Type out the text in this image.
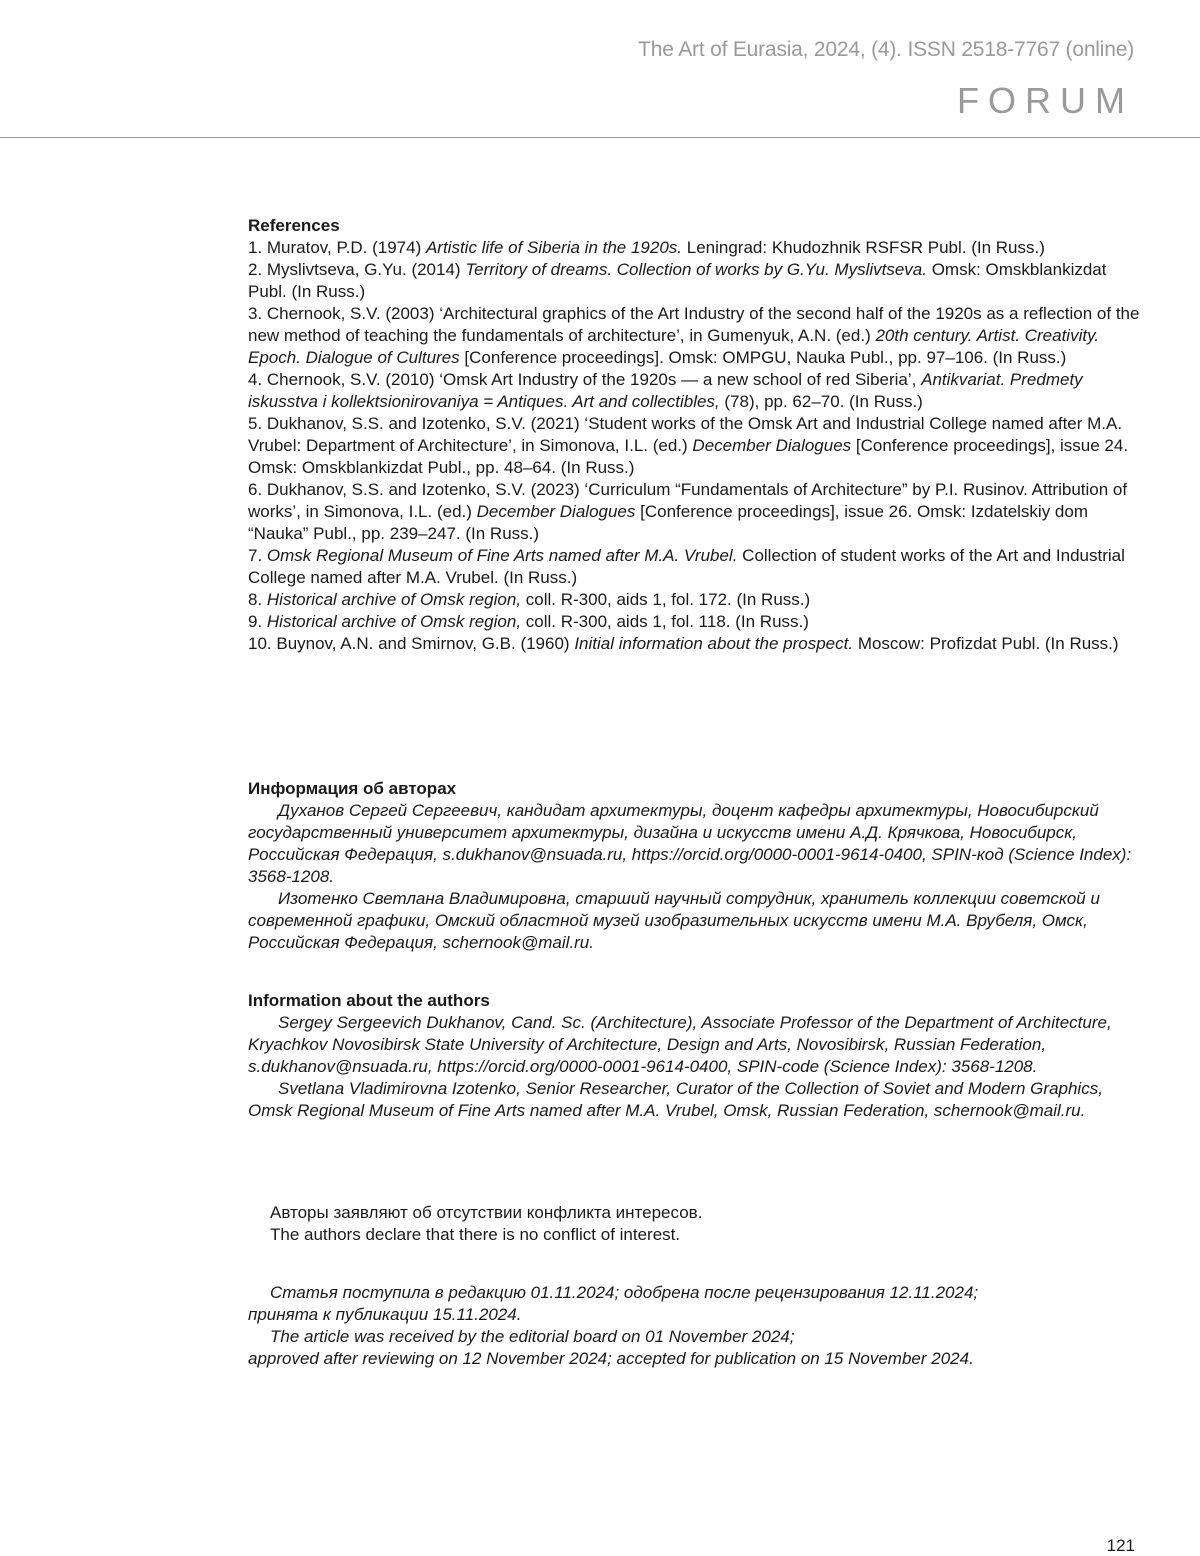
The Art of Eurasia, 2024, (4). ISSN 2518-7767 (online)
FORUM
References
1. Muratov, P.D. (1974) Artistic life of Siberia in the 1920s. Leningrad: Khudozhnik RSFSR Publ. (In Russ.)
2. Myslivtseva, G.Yu. (2014) Territory of dreams. Collection of works by G.Yu. Myslivtseva. Omsk: Omskblankizdat Publ. (In Russ.)
3. Chernook, S.V. (2003) ‘Architectural graphics of the Art Industry of the second half of the 1920s as a reflection of the new method of teaching the fundamentals of architecture’, in Gumenyuk, A.N. (ed.) 20th century. Artist. Creativity. Epoch. Dialogue of Cultures [Conference proceedings]. Omsk: OMPGU, Nauka Publ., pp. 97–106. (In Russ.)
4. Chernook, S.V. (2010) ‘Omsk Art Industry of the 1920s — a new school of red Siberia’, Antikvariat. Predmety iskusstva i kollektsionirovaniya = Antiques. Art and collectibles, (78), pp. 62–70. (In Russ.)
5. Dukhanov, S.S. and Izotenko, S.V. (2021) ‘Student works of the Omsk Art and Industrial College named after M.A. Vrubel: Department of Architecture’, in Simonova, I.L. (ed.) December Dialogues [Conference proceedings], issue 24. Omsk: Omskblankizdat Publ., pp. 48–64. (In Russ.)
6. Dukhanov, S.S. and Izotenko, S.V. (2023) ‘Curriculum “Fundamentals of Architecture” by P.I. Rusinov. Attribution of works’, in Simonova, I.L. (ed.) December Dialogues [Conference proceedings], issue 26. Omsk: Izdatelskiy dom “Nauka” Publ., pp. 239–247. (In Russ.)
7. Omsk Regional Museum of Fine Arts named after M.A. Vrubel. Collection of student works of the Art and Industrial College named after M.A. Vrubel. (In Russ.)
8. Historical archive of Omsk region, coll. R-300, aids 1, fol. 172. (In Russ.)
9. Historical archive of Omsk region, coll. R-300, aids 1, fol. 118. (In Russ.)
10. Buynov, A.N. and Smirnov, G.B. (1960) Initial information about the prospect. Moscow: Profizdat Publ. (In Russ.)
Информация об авторах
Духанов Сергей Сергеевич, кандидат архитектуры, доцент кафедры архитектуры, Новосибирский государственный университет архитектуры, дизайна и искусств имени А.Д. Крячкова, Новосибирск, Российская Федерация, s.dukhanov@nsuada.ru, https://orcid.org/0000-0001-9614-0400, SPIN-код (Science Index): 3568-1208.
Изотенко Светлана Владимировна, старший научный сотрудник, хранитель коллекции советской и современной графики, Омский областной музей изобразительных искусств имени М.А. Врубеля, Омск, Российская Федерация, schernook@mail.ru.
Information about the authors
Sergey Sergeevich Dukhanov, Cand. Sc. (Architecture), Associate Professor of the Department of Architecture, Kryachkov Novosibirsk State University of Architecture, Design and Arts, Novosibirsk, Russian Federation, s.dukhanov@nsuada.ru, https://orcid.org/0000-0001-9614-0400, SPIN-code (Science Index): 3568-1208.
Svetlana Vladimirovna Izotenko, Senior Researcher, Curator of the Collection of Soviet and Modern Graphics, Omsk Regional Museum of Fine Arts named after M.A. Vrubel, Omsk, Russian Federation, schernook@mail.ru.
Авторы заявляют об отсутствии конфликта интересов.
The authors declare that there is no conflict of interest.
Статья поступила в редакцию 01.11.2024; одобрена после рецензирования 12.11.2024;
принята к публикации 15.11.2024.
The article was received by the editorial board on 01 November 2024;
approved after reviewing on 12 November 2024; accepted for publication on 15 November 2024.
121
